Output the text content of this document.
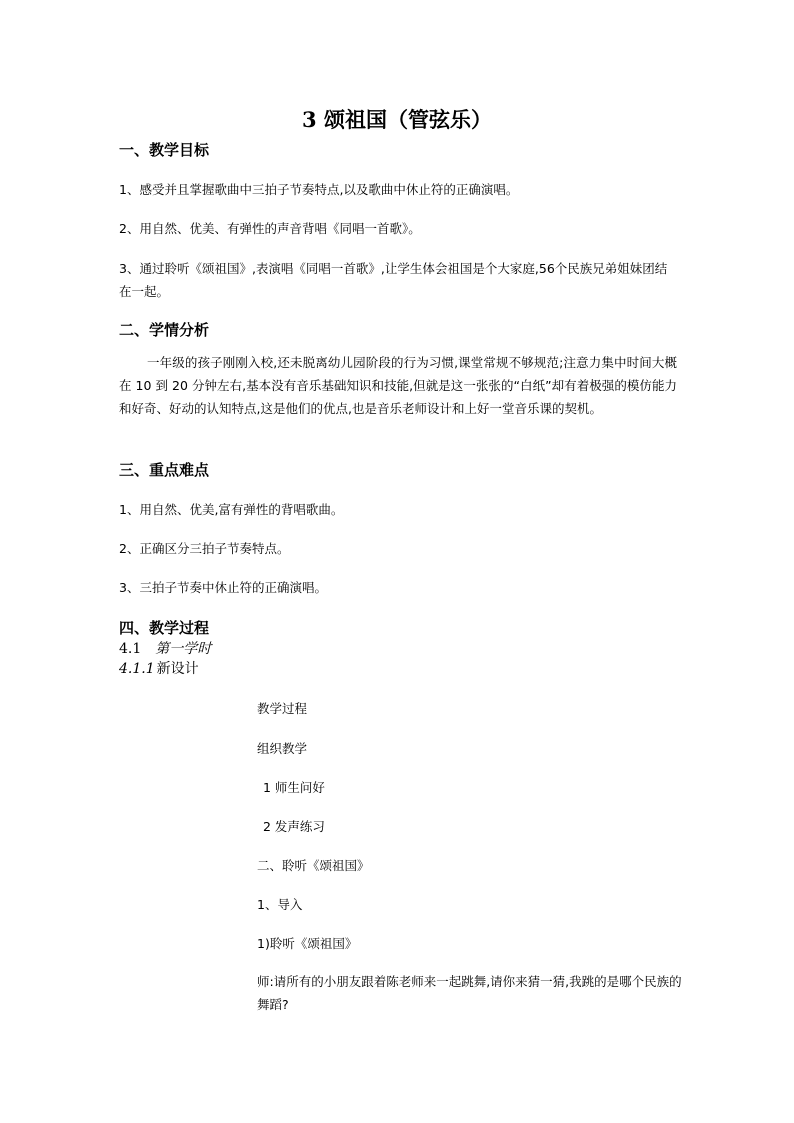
3 颂祖国（管弦乐）
一、教学目标

1、感受并且掌握歌曲中三拍子节奏特点,以及歌曲中休止符的正确演唱。

2、用自然、优美、有弹性的声音背唱《同唱一首歌》。

3、通过聆听《颂祖国》,表演唱《同唱一首歌》,让学生体会祖国是个大家庭,56个民族兄弟姐妹团结在一起。

二、学情分析

一年级的孩子刚刚入校,还未脱离幼儿园阶段的行为习惯,课堂常规不够规范;注意力集中时间大概在 10 到 20 分钟左右,基本没有音乐基础知识和技能,但就是这一张张的“白纸”却有着极强的模仿能力和好奇、好动的认知特点,这是他们的优点,也是音乐老师设计和上好一堂音乐课的契机。

三、重点难点

1、用自然、优美,富有弹性的背唱歌曲。

2、正确区分三拍子节奏特点。

3、三拍子节奏中休止符的正确演唱。

四、教学过程
4.1 第一学时
4.1.1 新设计

教学过程

组织教学

1 师生问好

2 发声练习

二、聆听《颂祖国》

1、导入

1)聆听《颂祖国》

师:请所有的小朋友跟着陈老师来一起跳舞,请你来猜一猜,我跳的是哪个民族的舞蹈?
